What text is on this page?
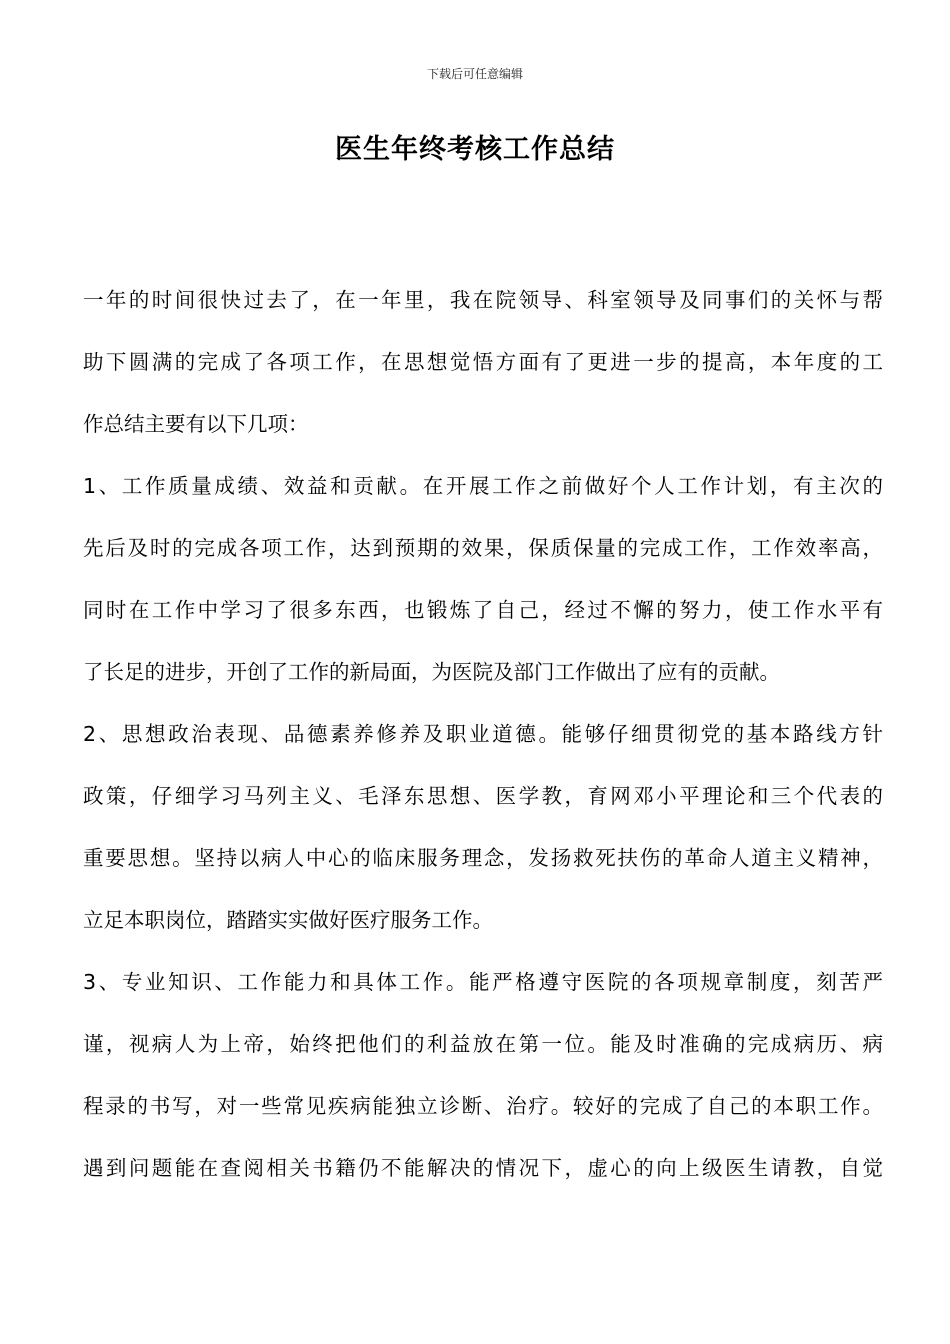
下载后可任意编辑
医生年终考核工作总结
一年的时间很快过去了，在一年里，我在院领导、科室领导及同事们的关怀与帮
助下圆满的完成了各项工作，在思想觉悟方面有了更进一步的提高，本年度的工
作总结主要有以下几项：
1、工作质量成绩、效益和贡献。在开展工作之前做好个人工作计划，有主次的
先后及时的完成各项工作，达到预期的效果，保质保量的完成工作，工作效率高，
同时在工作中学习了很多东西，也锻炼了自己，经过不懈的努力，使工作水平有
了长足的进步，开创了工作的新局面，为医院及部门工作做出了应有的贡献。
2、思想政治表现、品德素养修养及职业道德。能够仔细贯彻党的基本路线方针
政策，仔细学习马列主义、毛泽东思想、医学教，育网邓小平理论和三个代表的
重要思想。坚持以病人中心的临床服务理念，发扬救死扶伤的革命人道主义精神，
立足本职岗位，踏踏实实做好医疗服务工作。
3、专业知识、工作能力和具体工作。能严格遵守医院的各项规章制度，刻苦严
谨，视病人为上帝，始终把他们的利益放在第一位。能及时准确的完成病历、病
程录的书写，对一些常见疾病能独立诊断、治疗。较好的完成了自己的本职工作。
遇到问题能在查阅相关书籍仍不能解决的情况下，虚心的向上级医生请教，自觉
